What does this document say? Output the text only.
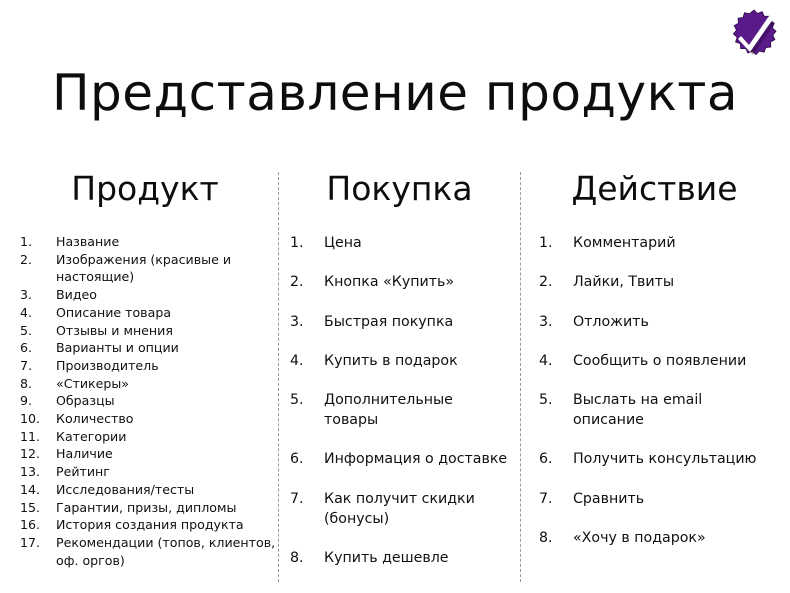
Представление продукта
Продукт
1.	Название
2.	Изображения (красивые и настоящие)
3.	Видео
4.	Описание товара
5.	Отзывы и мнения
6.	Варианты и опции
7.	Производитель
8.	«Стикеры»
9.	Образцы
10.	Количество
11.	Категории
12.	Наличие
13.	Рейтинг
14.	Исследования/тесты
15.	Гарантии, призы, дипломы
16.	История создания продукта
17.	Рекомендации (топов, клиентов, оф. оргов)
Покупка
1.	Цена
2.	Кнопка «Купить»
3.	Быстрая покупка
4.	Купить в подарок
5.	Дополнительные товары
6.	Информация о доставке
7.	Как получит скидки (бонусы)
8.	Купить дешевле
Действие
1.	Комментарий
2.	Лайки, Твиты
3.	Отложить
4.	Сообщить о появлении
5.	Выслать на email описание
6.	Получить консультацию
7.	Сравнить
8.	«Хочу в подарок»
